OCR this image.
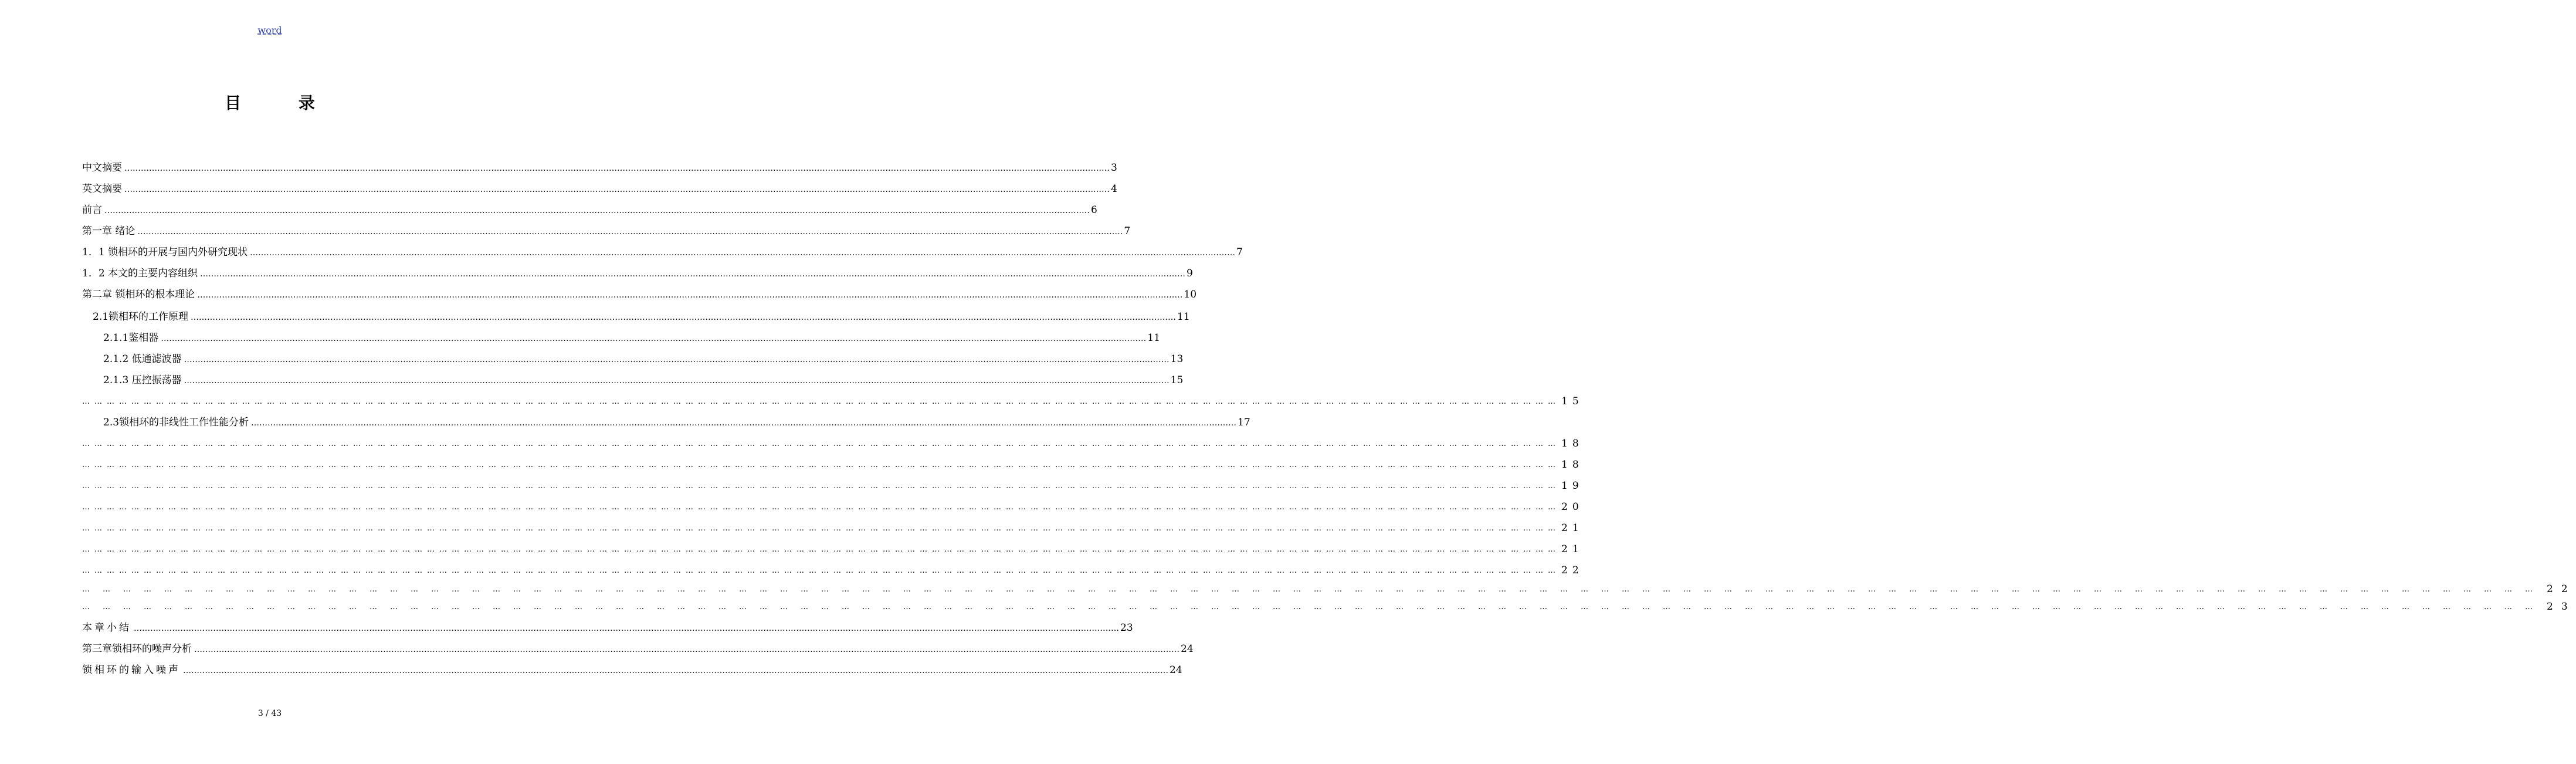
word
目 录
中文摘要 ……………………………………………………………………………………………………………………………………………………………………………………………………………………………………………………………………………………………………………………………… 3
英文摘要 ……………………………………………………………………………………………………………………………………………………………………………………………………………………………………………………………………………………………………………………………… 4
前言 ……………………………………………………………………………………………………………………………………………………………………………………………………………………………………………………………………………………………………………………………… 6
第一章 绪论 ……………………………………………………………………………………………………………………………………………………………………………………………………………………………………………………………………………………………………………………………… 7
1．1 锁相环的开展与国内外研究现状 ……………………………………………………………………………………………………………………………………………………………………………………………………………………………………………………………………………………………………………………………… 7
1．2 本文的主要内容组织 ……………………………………………………………………………………………………………………………………………………………………………………………………………………………………………………………………………………………………………………………… 9
第二章 锁相环的根本理论 ……………………………………………………………………………………………………………………………………………………………………………………………………………………………………………………………………………………………………………………………… 10
2.1锁相环的工作原理 ……………………………………………………………………………………………………………………………………………………………………………………………………………………………………………………………………………………………………………………………… 11
2.1.1鉴相器 ……………………………………………………………………………………………………………………………………………………………………………………………………………………………………………………………………………………………………………………………… 11
2.1.2 低通滤波器 ……………………………………………………………………………………………………………………………………………………………………………………………………………………………………………………………………………………………………………………………… 13
2.1.3 压控振荡器 ……………………………………………………………………………………………………………………………………………………………………………………………………………………………………………………………………………………………………………………………… 15
……………………………………………………………………………………………………………………………………………………………………………………………………………………………………………………………………………………………………………………………… 15
2.3锁相环的非线性工作性能分析 ……………………………………………………………………………………………………………………………………………………………………………………………………………………………………………………………………………………………………………………………… 17
……………………………………………………………………………………………………………………………………………………………………………………………………………………………………………………………………………………………………………………………… 18
……………………………………………………………………………………………………………………………………………………………………………………………………………………………………………………………………………………………………………………………… 18
……………………………………………………………………………………………………………………………………………………………………………………………………………………………………………………………………………………………………………………………… 19
……………………………………………………………………………………………………………………………………………………………………………………………………………………………………………………………………………………………………………………………… 20
……………………………………………………………………………………………………………………………………………………………………………………………………………………………………………………………………………………………………………………………… 21
……………………………………………………………………………………………………………………………………………………………………………………………………………………………………………………………………………………………………………………………… 21
……………………………………………………………………………………………………………………………………………………………………………………………………………………………………………………………………………………………………………………………… 22
……………………………………………………………………………………………………………………………………………………………………………………………………………………………………………………………………………………………………………………………… 22
……………………………………………………………………………………………………………………………………………………………………………………………………………………………………………………………………………………………………………………………… 23
本章小结 ……………………………………………………………………………………………………………………………………………………………………………………………………………………………………………………………………………………………………………………………… 23
第三章锁相环的噪声分析 ……………………………………………………………………………………………………………………………………………………………………………………………………………………………………………………………………………………………………………………………… 24
锁相环的输入噪声 ……………………………………………………………………………………………………………………………………………………………………………………………………………………………………………………………………………………………………………………………… 24
3 / 43
